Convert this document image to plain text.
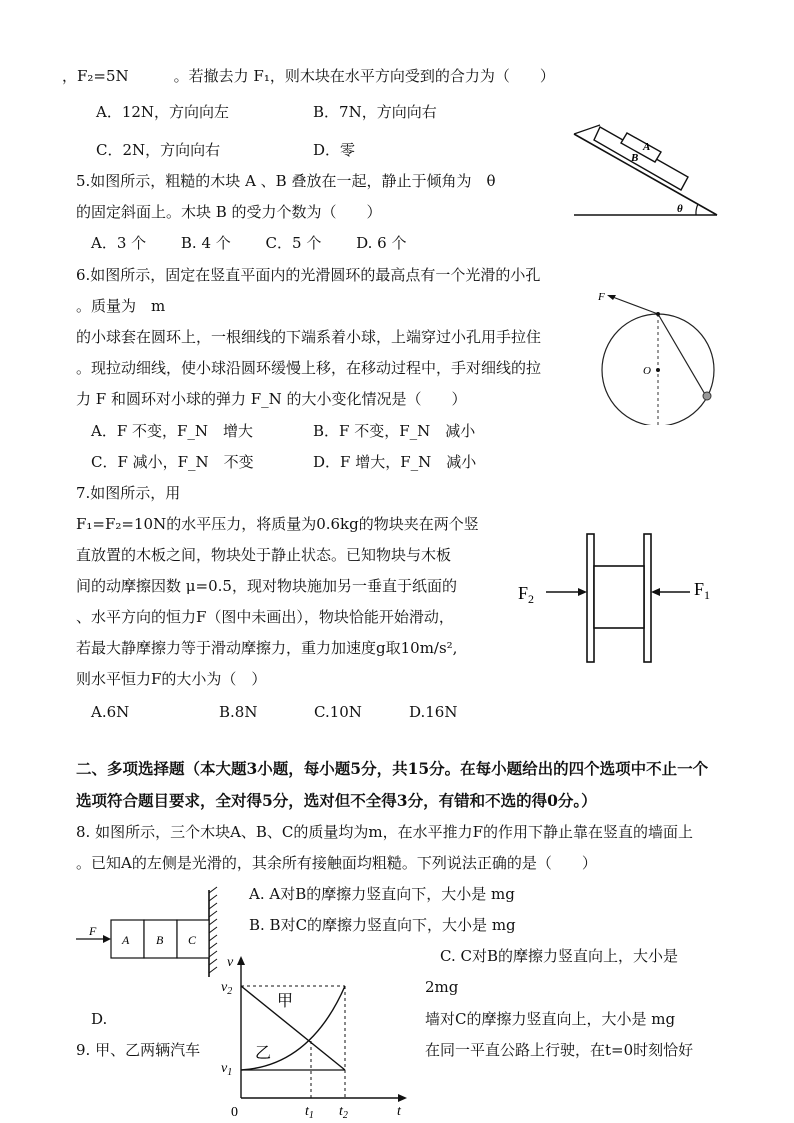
，F₂=5N　　　。若撤去力 F₁，则木块在水平方向受到的合力为（　　）
A．12N，方向向左	B．7N，方向向右
C．2N，方向向右	D．零
5.如图所示，粗糙的木块 A 、B 叠放在一起，静止于倾角为　θ
的固定斜面上。木块 B 的受力个数为（　　）
A．3 个　　 B. 4 个　　 C．5 个　　 D. 6 个
6.如图所示，固定在竖直平面内的光滑圆环的最高点有一个光滑的小孔
。质量为　m
的小球套在圆环上，一根细线的下端系着小球，上端穿过小孔用手拉住
。现拉动细线，使小球沿圆环缓慢上移，在移动过程中，手对细线的拉
力 F 和圆环对小球的弹力 F_N 的大小变化情况是（　　）
A．F 不变，F_N　增大	B．F 不变，F_N　减小
C．F 减小，F_N　不变	D．F 增大，F_N　减小
7.如图所示，用
F₁=F₂=10N的水平压力，将质量为0.6kg的物块夹在两个竖
直放置的木板之间，物块处于静止状态。已知物块与木板
间的动摩擦因数 μ=0.5，现对物块施加另一垂直于纸面的
、水平方向的恒力F（图中未画出），物块恰能开始滑动，
若最大静摩擦力等于滑动摩擦力，重力加速度g取10m/s²,
则水平恒力F的大小为（　）
A.6N	B.8N	C.10N	D.16N
二、多项选择题（本大题3小题，每小题5分，共15分。在每小题给出的四个选项中不止一个
选项符合题目要求，全对得5分，选对但不全得3分，有错和不选的得0分。）
8. 如图所示，三个木块A、B、C的质量均为m，在水平推力F的作用下静止靠在竖直的墙面上
。已知A的左侧是光滑的，其余所有接触面均粗糙。下列说法正确的是（　　）
A. A对B的摩擦力竖直向下，大小是 mg
B. B对C的摩擦力竖直向下，大小是 mg
C. C对B的摩擦力竖直向上，大小是
2mg
D.	墙对C的摩擦力竖直向上，大小是 mg
9. 甲、乙两辆汽车	在同一平直公路上行驶，在t=0时刻恰好
A
B
θ
F
O
$F_2$	$F_1$
F
A B C
v
$v_2$
$v_1$
甲
乙
0	$t_1$ $t_2$	t
